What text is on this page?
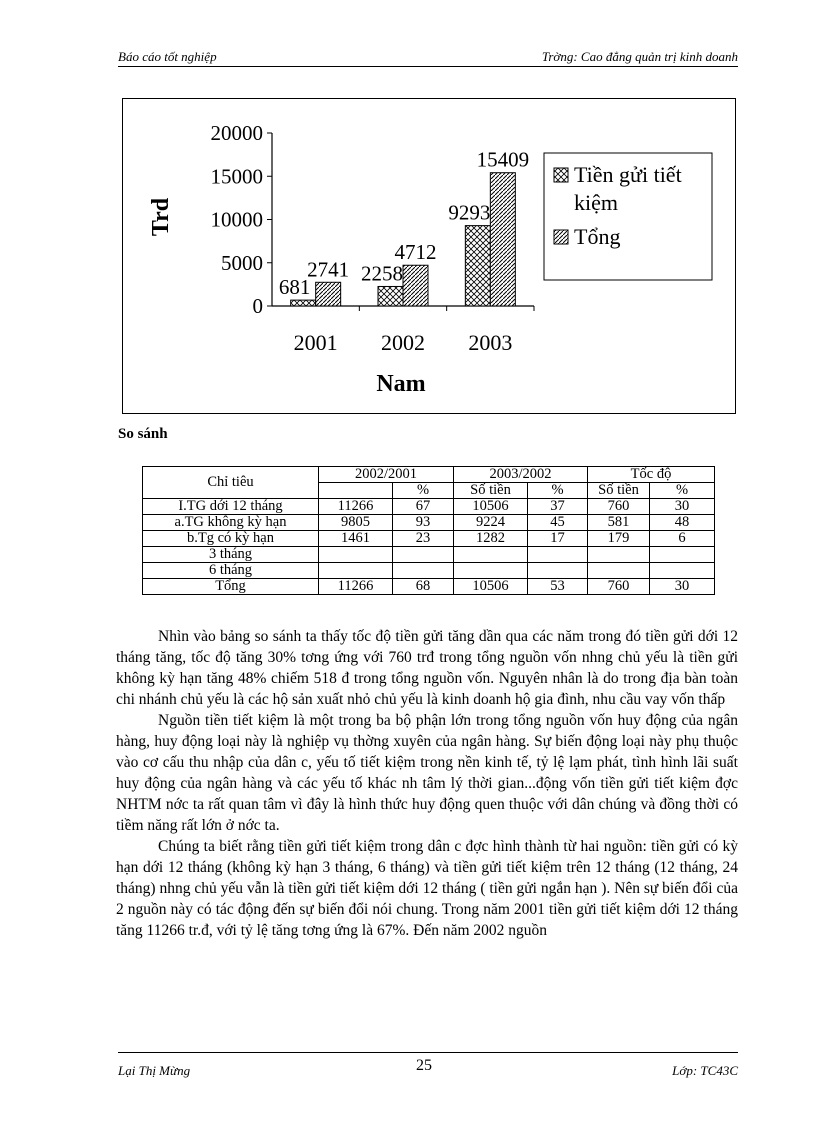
Báo cáo tốt nghiệp	Trờng: Cao đẳng quản trị kinh doanh
0
5000
10000
15000
20000
2001
681
2741
2002
2258
4712
2003
9293
15409
Trd
Nam
Tiền gửi tiết
kiệm
Tổng
So sánh
Chỉ tiêu	2002/2001		2003/2002		Tốc độ	
		%	Số tiền	%	Số tiền	%
I.TG dới 12 tháng	11266	67	10506	37	760	30
a.TG không kỳ hạn	9805	93	9224	45	581	48
b.Tg có kỳ hạn	1461	23	1282	17	179	6
3 tháng						
6 tháng						
Tổng	11266	68	10506	53	760	30

Nhìn vào bảng so sánh ta thấy tốc độ tiền gửi tăng dần qua các năm trong đó tiền gửi dới 12 tháng tăng, tốc độ tăng 30% tơng ứng với 760 trđ trong tổng nguồn vốn nhng chủ yếu là tiền gửi không kỳ hạn tăng 48% chiếm 518 đ trong tổng nguồn vốn. Nguyên nhân là do trong địa bàn toàn chi nhánh chủ yếu là các hộ sản xuất nhỏ chủ yếu là kinh doanh hộ gia đình, nhu cầu vay vốn thấp

Nguồn tiền tiết kiệm là một trong ba bộ phận lớn trong tổng nguồn vốn huy động của ngân hàng, huy động loại này là nghiệp vụ thờng xuyên của ngân hàng. Sự biến động loại này phụ thuộc vào cơ cấu thu nhập của dân c, yếu tố tiết kiệm trong nền kinh tế, tỷ lệ lạm phát, tình hình lãi suất huy động của ngân hàng và các yếu tố khác nh tâm lý thời gian...động vốn tiền gửi tiết kiệm đợc NHTM nớc ta rất quan tâm vì đây là hình thức huy động quen thuộc với dân chúng và đồng thời có tiềm năng rất lớn ở nớc ta.

Chúng ta biết rằng tiền gửi tiết kiệm trong dân c đợc hình thành từ hai nguồn: tiền gửi có kỳ hạn dới 12 tháng (không kỳ hạn 3 tháng, 6 tháng) và tiền gửi tiết kiệm trên 12 tháng (12 tháng, 24 tháng) nhng chủ yếu vẫn là tiền gửi tiết kiệm dới 12 tháng ( tiền gửi ngắn hạn ). Nên sự biến đổi của 2 nguồn này có tác động đến sự biến đổi nói chung. Trong năm 2001 tiền gửi tiết kiệm dới 12 tháng tăng 11266 tr.đ, với tỷ lệ tăng tơng ứng là 67%. Đến năm 2002 nguồn

Lại Thị Mừng	25	Lớp: TC43C
